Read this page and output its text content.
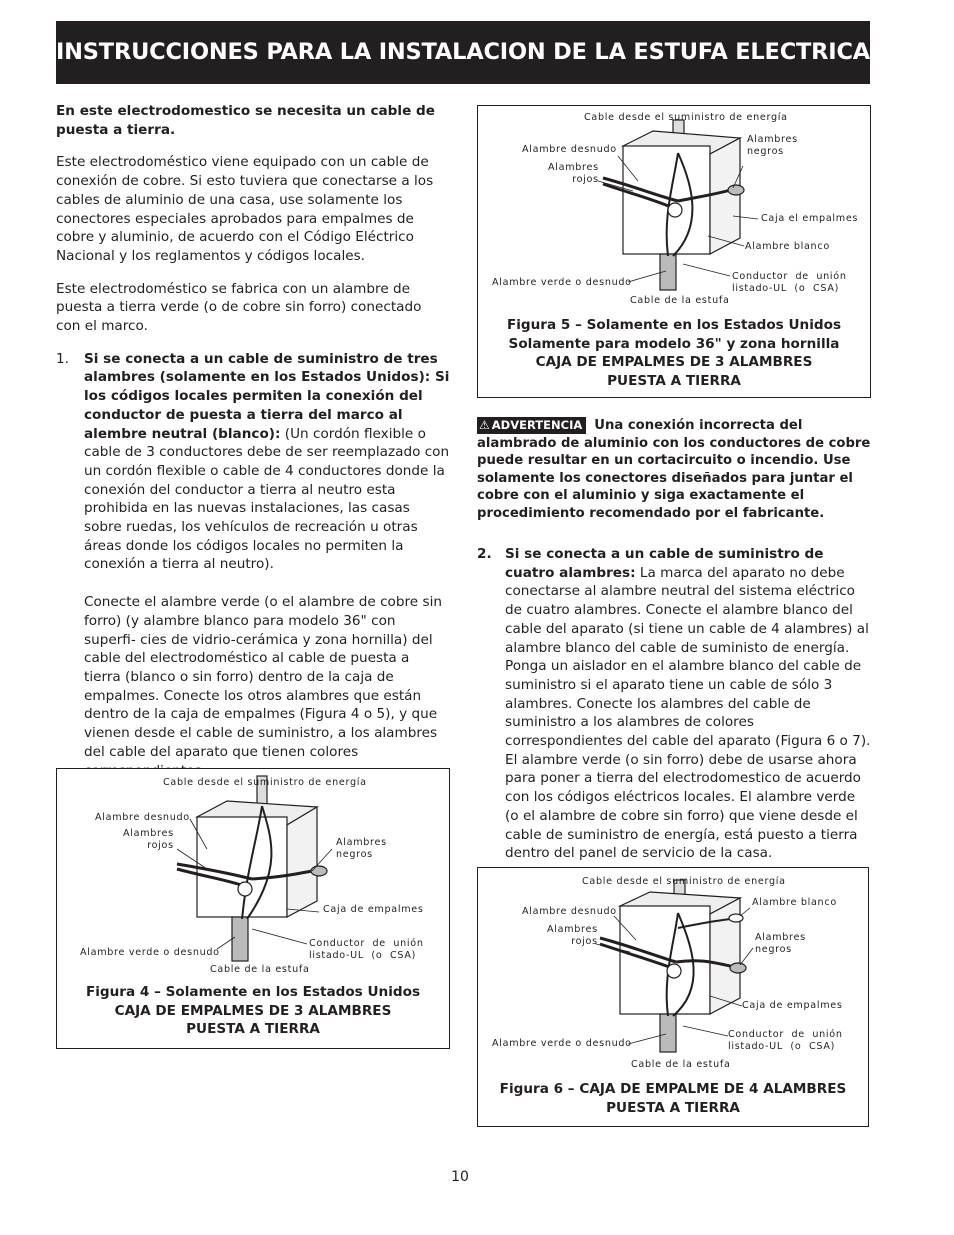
INSTRUCCIONES PARA LA INSTALACION DE LA ESTUFA ELECTRICA

En este electrodomestico se necesita un cable de puesta a tierra.

Este electrodoméstico viene equipado con un cable de conexión de cobre. Si esto tuviera que conectarse a los cables de aluminio de una casa, use solamente los conectores especiales aprobados para empalmes de cobre y aluminio, de acuerdo con el Código Eléctrico Nacional y los reglamentos y códigos locales.

Este electrodoméstico se fabrica con un alambre de puesta a tierra verde (o de cobre sin forro) conectado con el marco.

1. Si se conecta a un cable de suministro de tres alambres (solamente en los Estados Unidos): Si los códigos locales permiten la conexión del conductor de puesta a tierra del marco al alembre neutral (blanco): (Un cordón flexible o cable de 3 conductores debe de ser reemplazado con un cordón flexible o cable de 4 conductores donde la conexión del conductor a tierra al neutro esta prohibida en las nuevas instalaciones, las casas sobre ruedas, los vehículos de recreación u otras áreas donde los códigos locales no permiten la conexión a tierra al neutro).

Conecte el alambre verde (o el alambre de cobre sin forro) (y alambre blanco para modelo 36" con superfi- cies de vidrio-cerámica y zona hornilla) del cable del electrodoméstico al cable de puesta a tierra (blanco o sin forro) dentro de la caja de empalmes. Conecte los otros alambres que están dentro de la caja de empalmes (Figura 4 o 5), y que vienen desde el cable de suministro, a los alambres del cable del aparato que tienen colores

Cable desde el suministro de energía
Alambre desnudo
Alambres
rojos	Alambres
negros
Caja de empalmes
Alambre verde o desnudo
Conductor  de  unión
listado-UL  (o  CSA)
Cable de la estufa
Figura 4 – Solamente en los Estados Unidos
CAJA DE EMPALMES DE 3 ALAMBRES
PUESTA A TIERRA
Cable desde el suministro de energía
Alambre desnudo
Alambres
rojos
Alambres
negros
Caja el empalmes
Alambre blanco
Alambre verde o desnudo
Conductor  de  unión
listado-UL  (o  CSA)
Cable de la estufa
Figura 5 – Solamente en los Estados Unidos
Solamente para modelo 36" y zona hornilla
CAJA DE EMPALMES DE 3 ALAMBRES
PUESTA A TIERRA
⚠ ADVERTENCIA Una conexión incorrecta del alambrado de aluminio con los conductores de cobre puede resultar en un cortacircuito o incendio. Use solamente los conectores diseñados para juntar el cobre con el aluminio y siga exactamente el procedimiento recomendado por el fabricante.
2. Si se conecta a un cable de suministro de cuatro alambres: La marca del aparato no debe conectarse al alambre neutral del sistema eléctrico de cuatro alambres. Conecte el alambre blanco del cable del aparato (si tiene un cable de 4 alambres) al alambre blanco del cable de suministo de energía. Ponga un aislador en el alambre blanco del cable de suministro si el aparato tiene un cable de sólo 3 alambres. Conecte los alambres del cable de suministro a los alambres de colores correspondientes del cable del aparato (Figura 6 o 7). El alambre verde (o sin forro) debe de usarse ahora para poner a tierra del electrodomestico de acuerdo con los códigos eléctricos locales. El alambre verde (o el alambre de cobre sin forro) que viene desde el cable de suministro de energía, está puesto a tierra dentro del panel de servicio de la casa.

Cable desde el suministro de energía
Alambre desnudo
Alambres
rojos
Alambre blanco
Alambres
negros
Caja de empalmes
Alambre verde o desnudo
Conductor  de  unión
listado-UL  (o  CSA)
Cable de la estufa
Figura 6 – CAJA DE EMPALME DE 4 ALAMBRES
PUESTA A TIERRA
10
